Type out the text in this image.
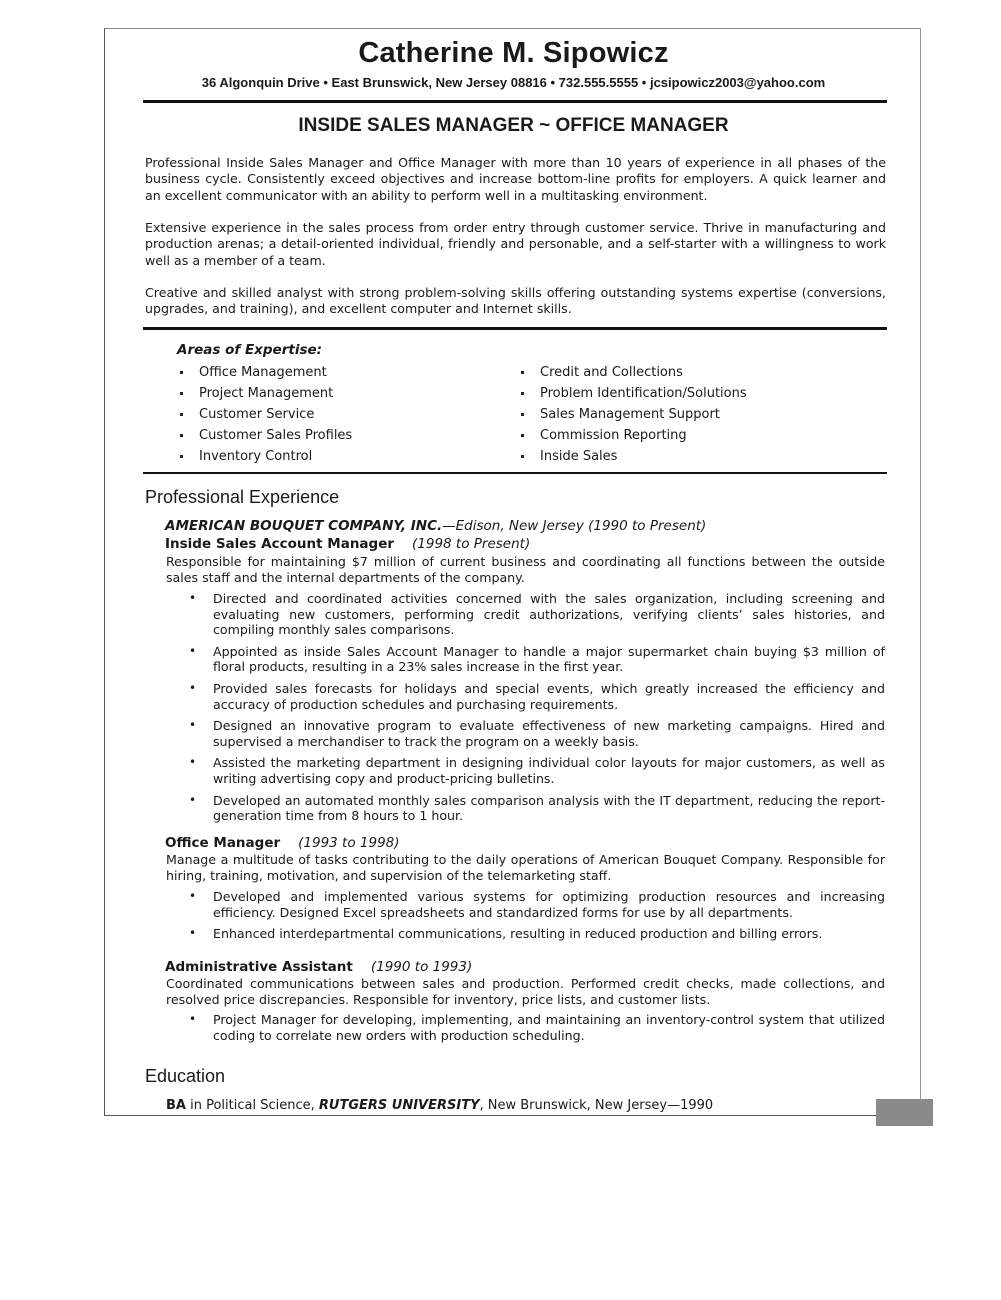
Catherine M. Sipowicz
36 Algonquin Drive • East Brunswick, New Jersey 08816 • 732.555.5555 • jcsipowicz2003@yahoo.com
INSIDE SALES MANAGER ~ OFFICE MANAGER
Professional Inside Sales Manager and Office Manager with more than 10 years of experience in all phases of the business cycle. Consistently exceed objectives and increase bottom-line profits for employers. A quick learner and an excellent communicator with an ability to perform well in a multitasking environment.
Extensive experience in the sales process from order entry through customer service. Thrive in manufacturing and production arenas; a detail-oriented individual, friendly and personable, and a self-starter with a willingness to work well as a member of a team.
Creative and skilled analyst with strong problem-solving skills offering outstanding systems expertise (conversions, upgrades, and training), and excellent computer and Internet skills.
Areas of Expertise:
Office Management
Project Management
Customer Service
Customer Sales Profiles
Inventory Control
Credit and Collections
Problem Identification/Solutions
Sales Management Support
Commission Reporting
Inside Sales
Professional Experience
AMERICAN BOUQUET COMPANY, INC.—Edison, New Jersey (1990 to Present)
Inside Sales Account Manager (1998 to Present)
Responsible for maintaining $7 million of current business and coordinating all functions between the outside sales staff and the internal departments of the company.
• Directed and coordinated activities concerned with the sales organization, including screening and evaluating new customers, performing credit authorizations, verifying clients’ sales histories, and compiling monthly sales comparisons.
• Appointed as inside Sales Account Manager to handle a major supermarket chain buying $3 million of floral products, resulting in a 23% sales increase in the first year.
• Provided sales forecasts for holidays and special events, which greatly increased the efficiency and accuracy of production schedules and purchasing requirements.
• Designed an innovative program to evaluate effectiveness of new marketing campaigns. Hired and supervised a merchandiser to track the program on a weekly basis.
• Assisted the marketing department in designing individual color layouts for major customers, as well as writing advertising copy and product-pricing bulletins.
• Developed an automated monthly sales comparison analysis with the IT department, reducing the report-generation time from 8 hours to 1 hour.
Office Manager (1993 to 1998)
Manage a multitude of tasks contributing to the daily operations of American Bouquet Company. Responsible for hiring, training, motivation, and supervision of the telemarketing staff.
• Developed and implemented various systems for optimizing production resources and increasing efficiency. Designed Excel spreadsheets and standardized forms for use by all departments.
• Enhanced interdepartmental communications, resulting in reduced production and billing errors.
Administrative Assistant (1990 to 1993)
Coordinated communications between sales and production. Performed credit checks, made collections, and resolved price discrepancies. Responsible for inventory, price lists, and customer lists.
• Project Manager for developing, implementing, and maintaining an inventory-control system that utilized coding to correlate new orders with production scheduling.
Education
BA in Political Science, RUTGERS UNIVERSITY, New Brunswick, New Jersey—1990
